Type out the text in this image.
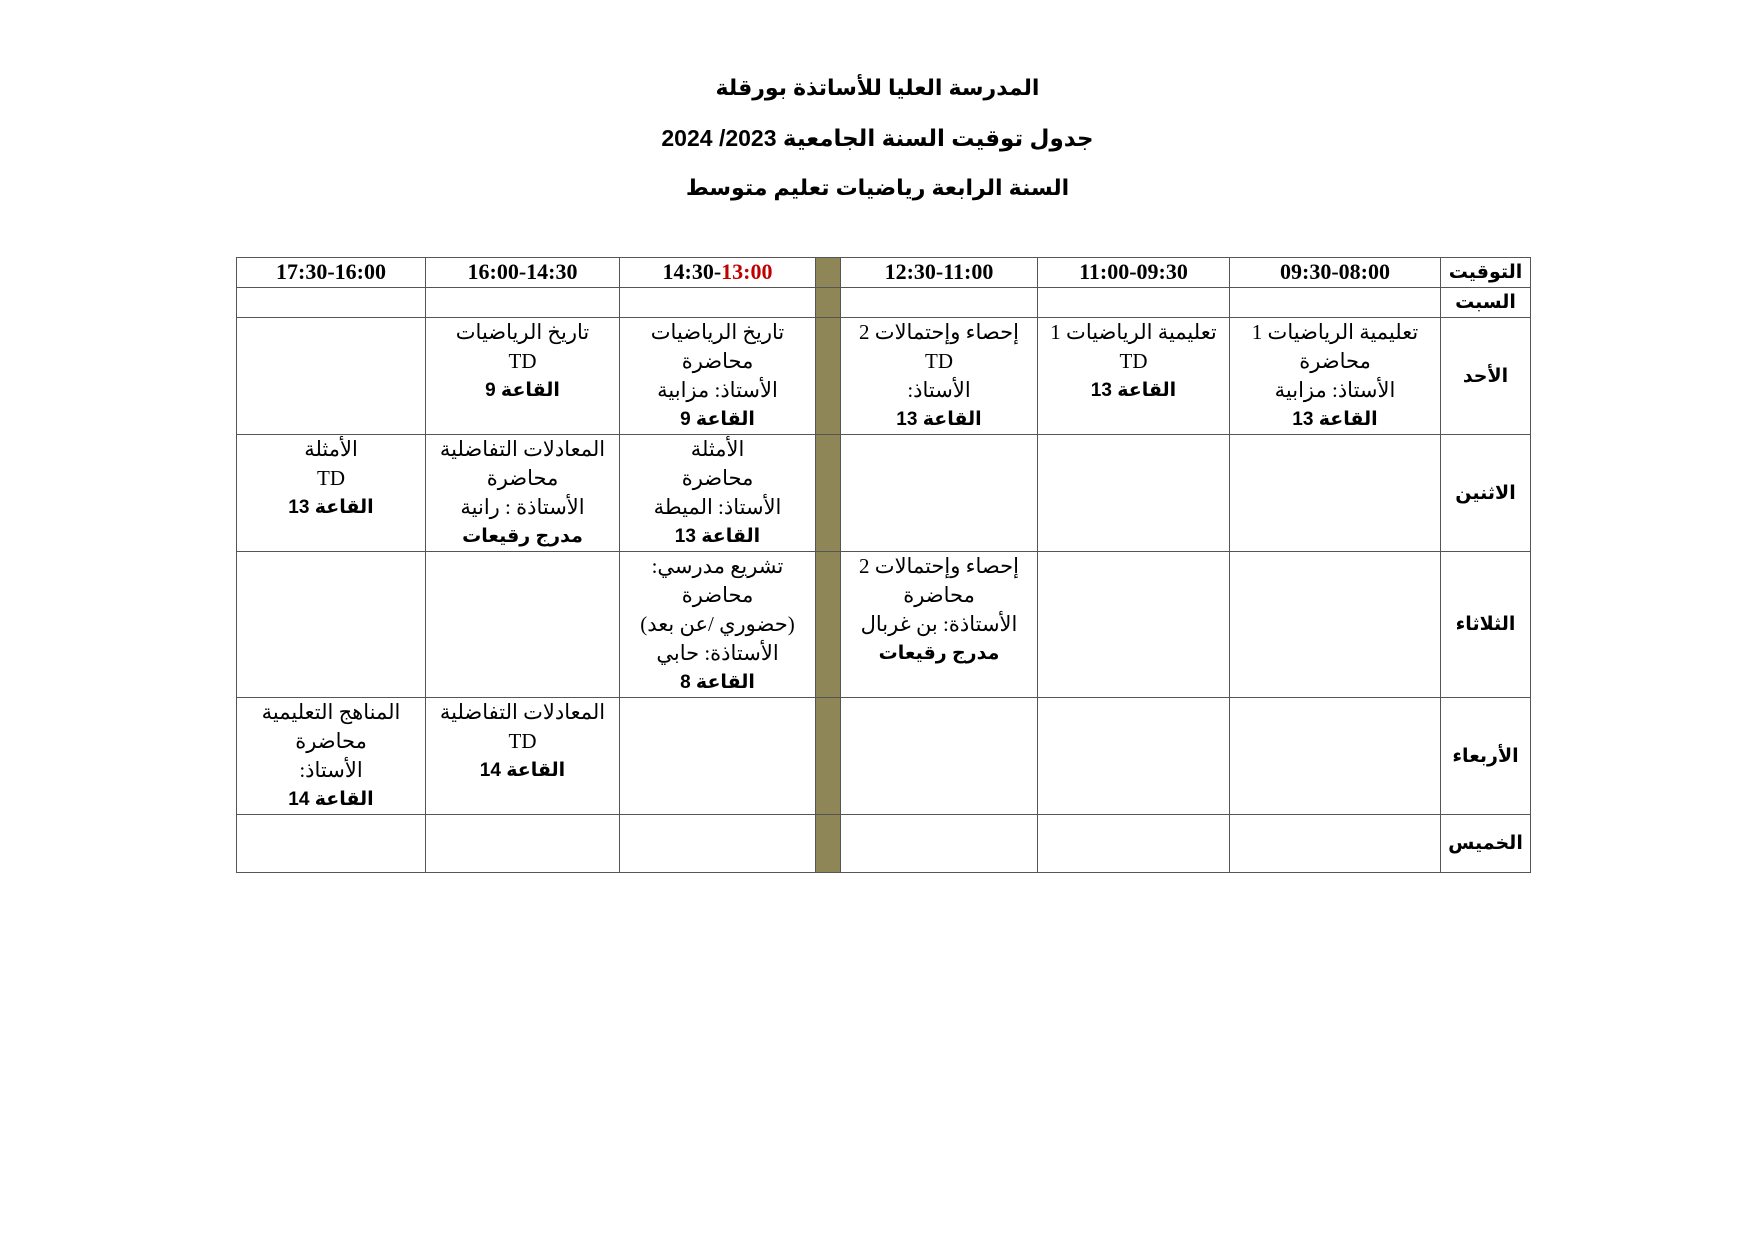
المدرسة العليا للأساتذة بورقلة
جدول توقيت السنة الجامعية 2023/ 2024
السنة الرابعة رياضيات تعليم متوسط
التوقيت	09:30-08:00	11:00-09:30	12:30-11:00		14:30-13:00	16:00-14:30	17:30-16:00
السبت							
الأحد	تعليمية الرياضيات 1
محاضرة
الأستاذ: مزابية
القاعة 13	تعليمية الرياضيات 1
TD
القاعة 13	إحصاء وإحتمالات 2
TD
الأستاذ:
القاعة 13		تاريخ الرياضيات
محاضرة
الأستاذ: مزابية
القاعة 9	تاريخ الرياضيات
TD
القاعة 9	

الاثنين					الأمثلة
محاضرة
الأستاذ: الميطة
القاعة 13	المعادلات التفاضلية
محاضرة
الأستاذة : رانية
مدرج رقيعات	الأمثلة
TD
القاعة 13

الثلاثاء			إحصاء وإحتمالات 2
محاضرة
الأستاذة: بن غربال
مدرج رقيعات		تشريع مدرسي:
محاضرة
(حضوري /عن بعد)
الأستاذة: حابي
القاعة 8		

الأربعاء						المعادلات التفاضلية
TD
القاعة 14	المناهج التعليمية
محاضرة
الأستاذ:
القاعة 14

الخميس							
